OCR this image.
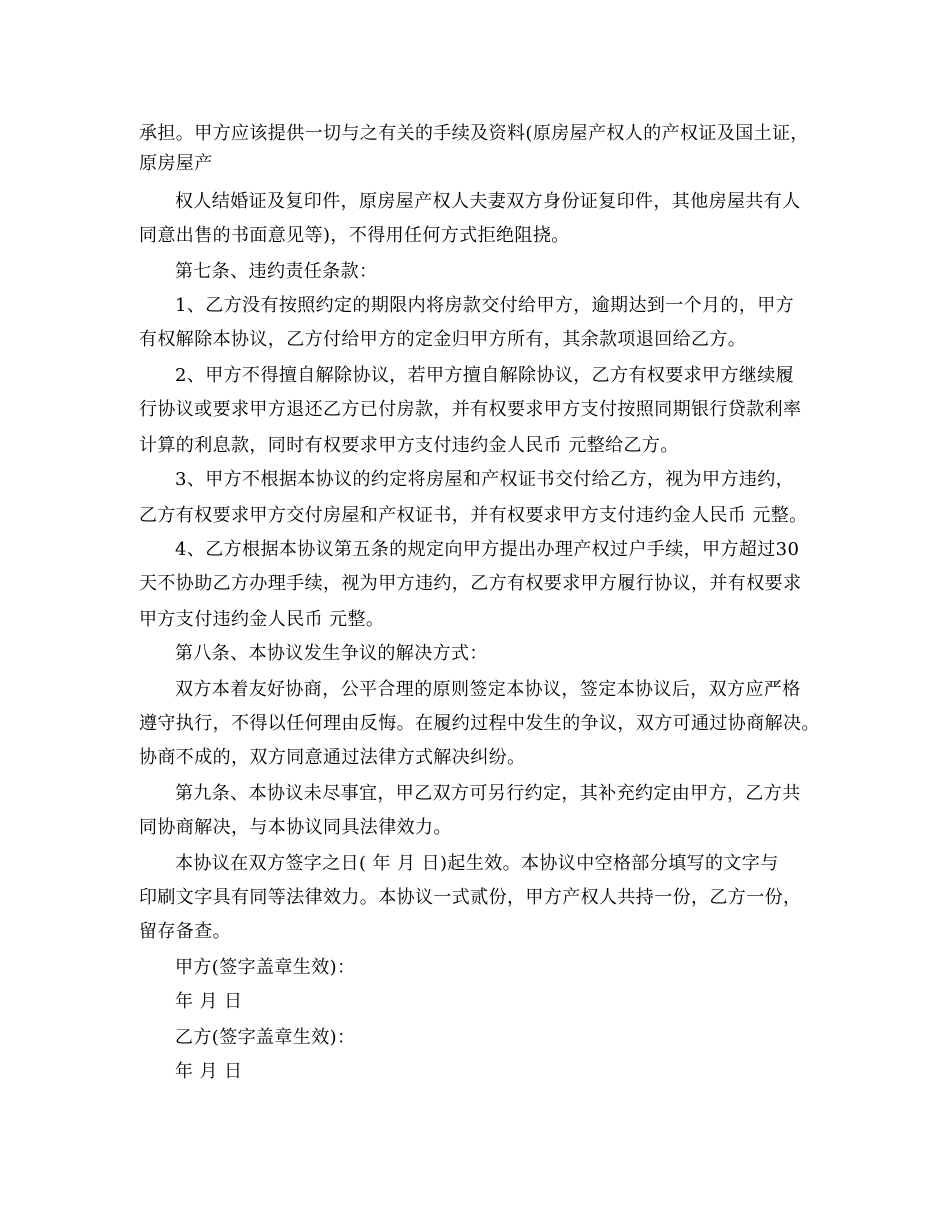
承担。甲方应该提供一切与之有关的手续及资料(原房屋产权人的产权证及国土证，
原房屋产
权人结婚证及复印件，原房屋产权人夫妻双方身份证复印件，其他房屋共有人
同意出售的书面意见等)，不得用任何方式拒绝阻挠。
第七条、违约责任条款：
1、乙方没有按照约定的期限内将房款交付给甲方，逾期达到一个月的，甲方
有权解除本协议，乙方付给甲方的定金归甲方所有，其余款项退回给乙方。
2、甲方不得擅自解除协议，若甲方擅自解除协议，乙方有权要求甲方继续履
行协议或要求甲方退还乙方已付房款，并有权要求甲方支付按照同期银行贷款利率
计算的利息款，同时有权要求甲方支付违约金人民币 元整给乙方。
3、甲方不根据本协议的约定将房屋和产权证书交付给乙方，视为甲方违约，
乙方有权要求甲方交付房屋和产权证书，并有权要求甲方支付违约金人民币 元整。
4、乙方根据本协议第五条的规定向甲方提出办理产权过户手续，甲方超过30
天不协助乙方办理手续，视为甲方违约，乙方有权要求甲方履行协议，并有权要求
甲方支付违约金人民币 元整。
第八条、本协议发生争议的解决方式：
双方本着友好协商，公平合理的原则签定本协议，签定本协议后，双方应严格
遵守执行，不得以任何理由反悔。在履约过程中发生的争议，双方可通过协商解决。
协商不成的，双方同意通过法律方式解决纠纷。
第九条、本协议未尽事宜，甲乙双方可另行约定，其补充约定由甲方，乙方共
同协商解决，与本协议同具法律效力。
本协议在双方签字之日( 年 月 日)起生效。本协议中空格部分填写的文字与
印刷文字具有同等法律效力。本协议一式贰份，甲方产权人共持一份，乙方一份，
留存备查。
甲方(签字盖章生效)：
年 月 日
乙方(签字盖章生效)：
年 月 日
